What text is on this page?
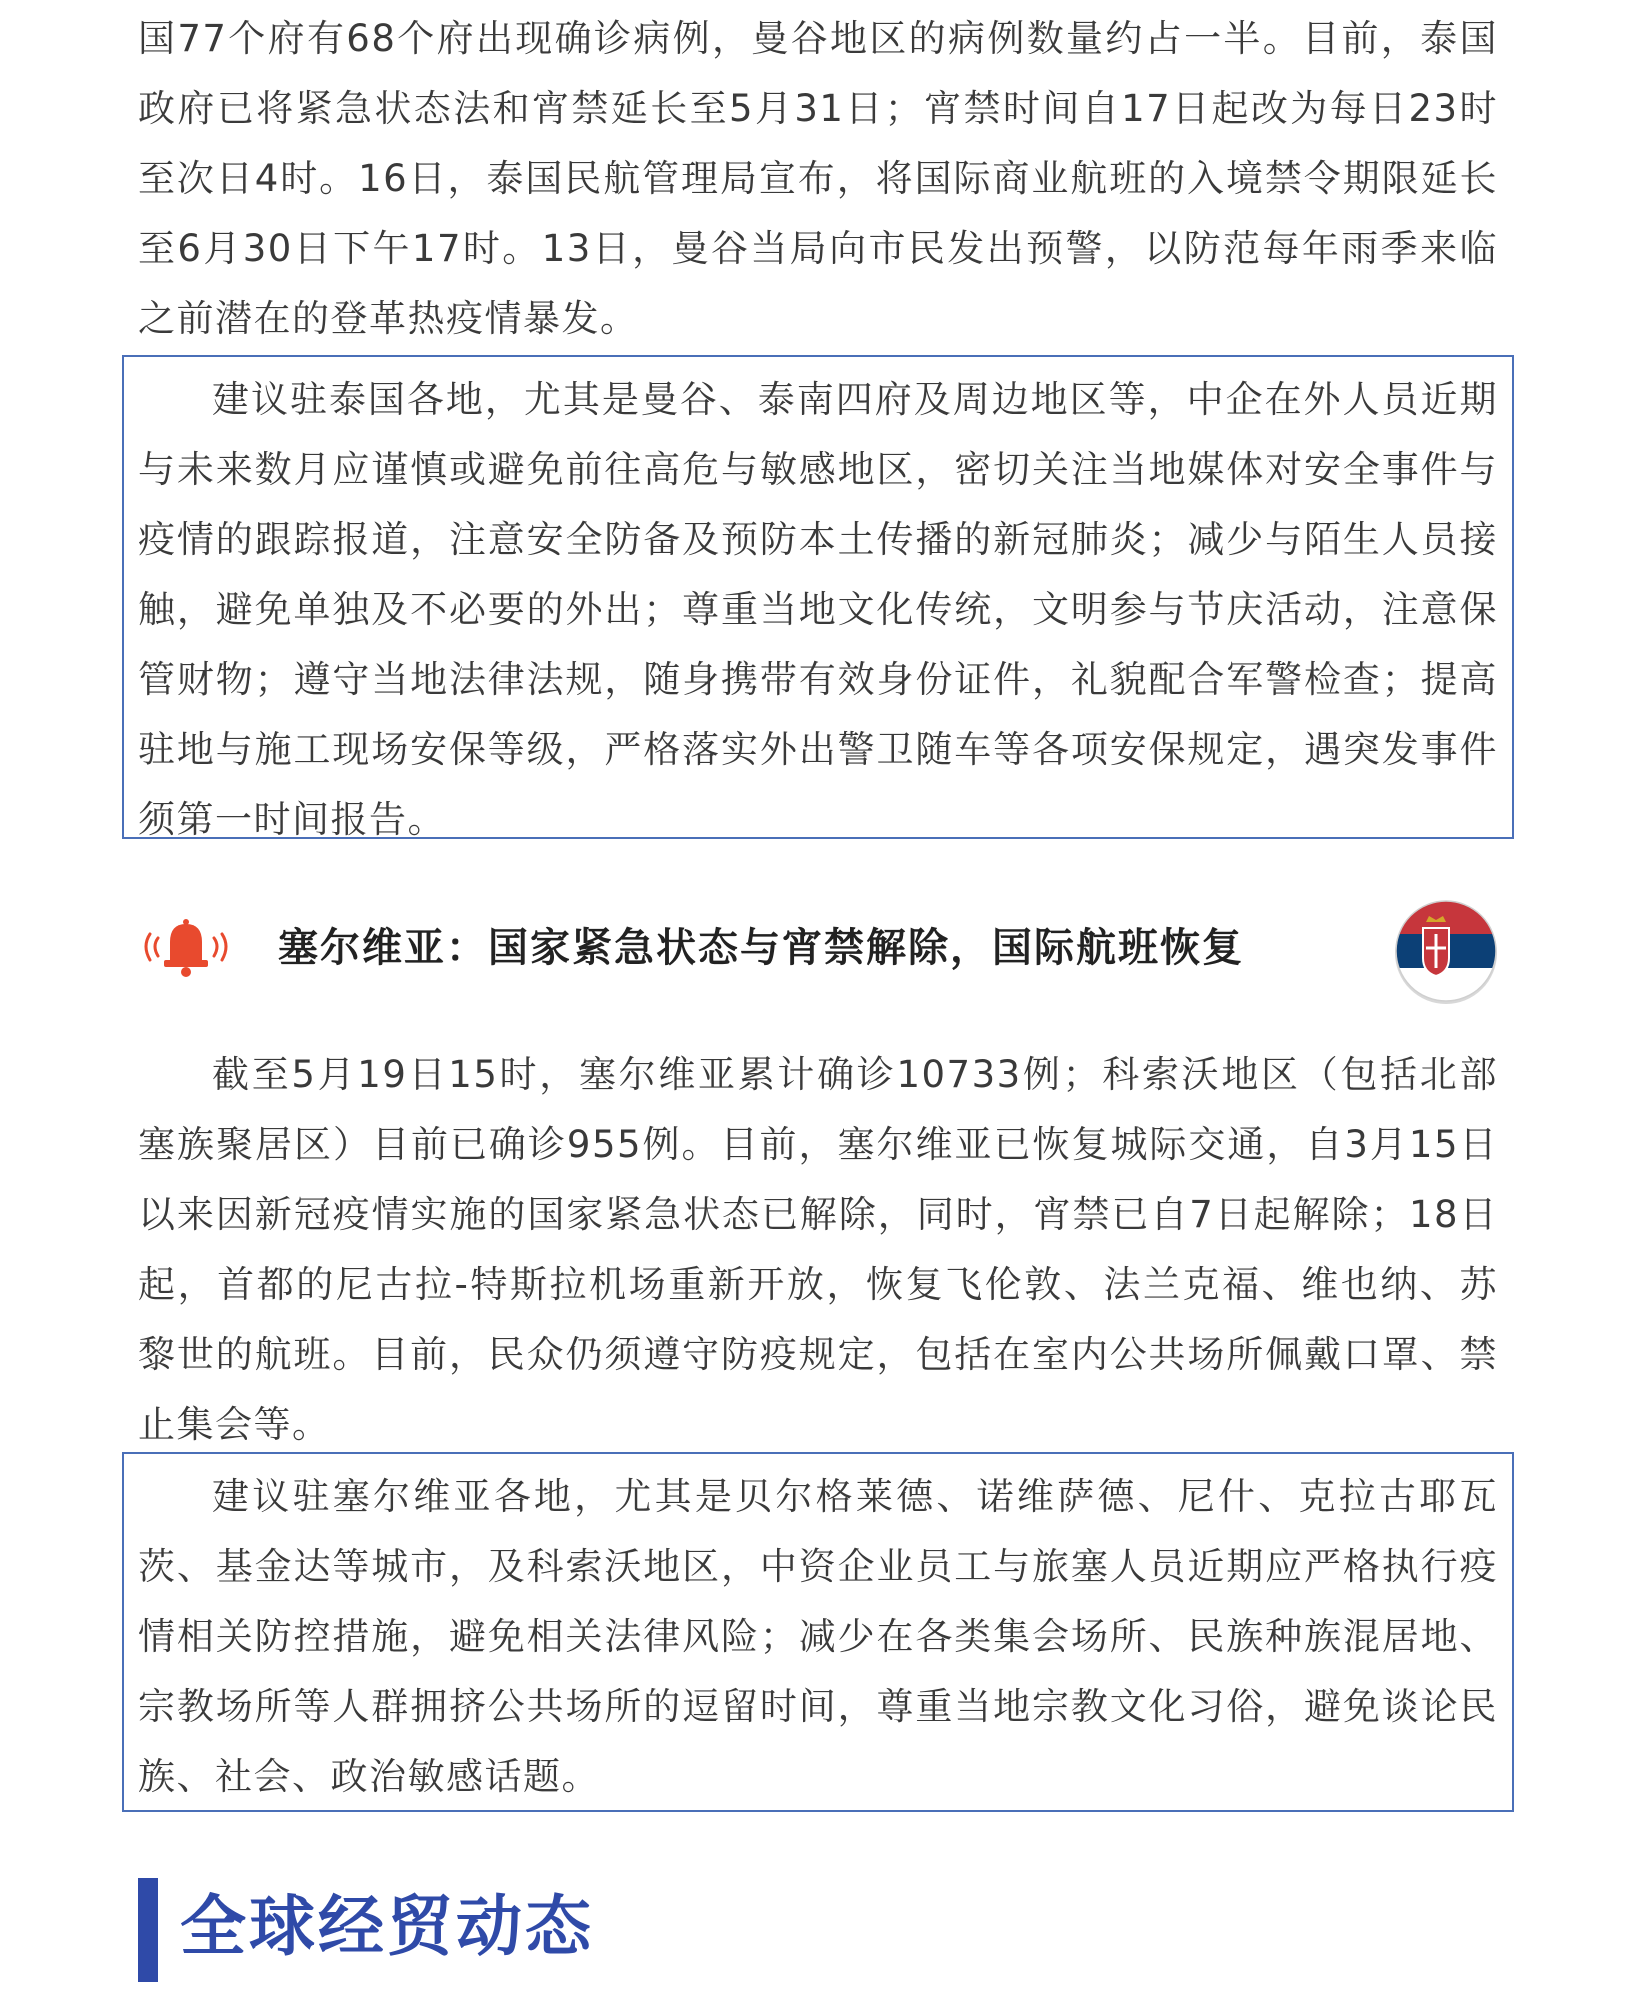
国77个府有68个府出现确诊病例，曼谷地区的病例数量约占一半。目前，泰国政府已将紧急状态法和宵禁延长至5月31日；宵禁时间自17日起改为每日23时至次日4时。16日，泰国民航管理局宣布，将国际商业航班的入境禁令期限延长至6月30日下午17时。13日，曼谷当局向市民发出预警，以防范每年雨季来临之前潜在的登革热疫情暴发。

建议驻泰国各地，尤其是曼谷、泰南四府及周边地区等，中企在外人员近期与未来数月应谨慎或避免前往高危与敏感地区，密切关注当地媒体对安全事件与疫情的跟踪报道，注意安全防备及预防本土传播的新冠肺炎；减少与陌生人员接触，避免单独及不必要的外出；尊重当地文化传统，文明参与节庆活动，注意保管财物；遵守当地法律法规，随身携带有效身份证件，礼貌配合军警检查；提高驻地与施工现场安保等级，严格落实外出警卫随车等各项安保规定，遇突发事件须第一时间报告。

塞尔维亚：国家紧急状态与宵禁解除，国际航班恢复

截至5月19日15时，塞尔维亚累计确诊10733例；科索沃地区（包括北部塞族聚居区）目前已确诊955例。目前，塞尔维亚已恢复城际交通，自3月15日以来因新冠疫情实施的国家紧急状态已解除，同时，宵禁已自7日起解除；18日起，首都的尼古拉-特斯拉机场重新开放，恢复飞伦敦、法兰克福、维也纳、苏黎世的航班。目前，民众仍须遵守防疫规定，包括在室内公共场所佩戴口罩、禁止集会等。

建议驻塞尔维亚各地，尤其是贝尔格莱德、诺维萨德、尼什、克拉古耶瓦茨、基金达等城市，及科索沃地区，中资企业员工与旅塞人员近期应严格执行疫情相关防控措施，避免相关法律风险；减少在各类集会场所、民族种族混居地、宗教场所等人群拥挤公共场所的逗留时间，尊重当地宗教文化习俗，避免谈论民族、社会、政治敏感话题。

全球经贸动态
